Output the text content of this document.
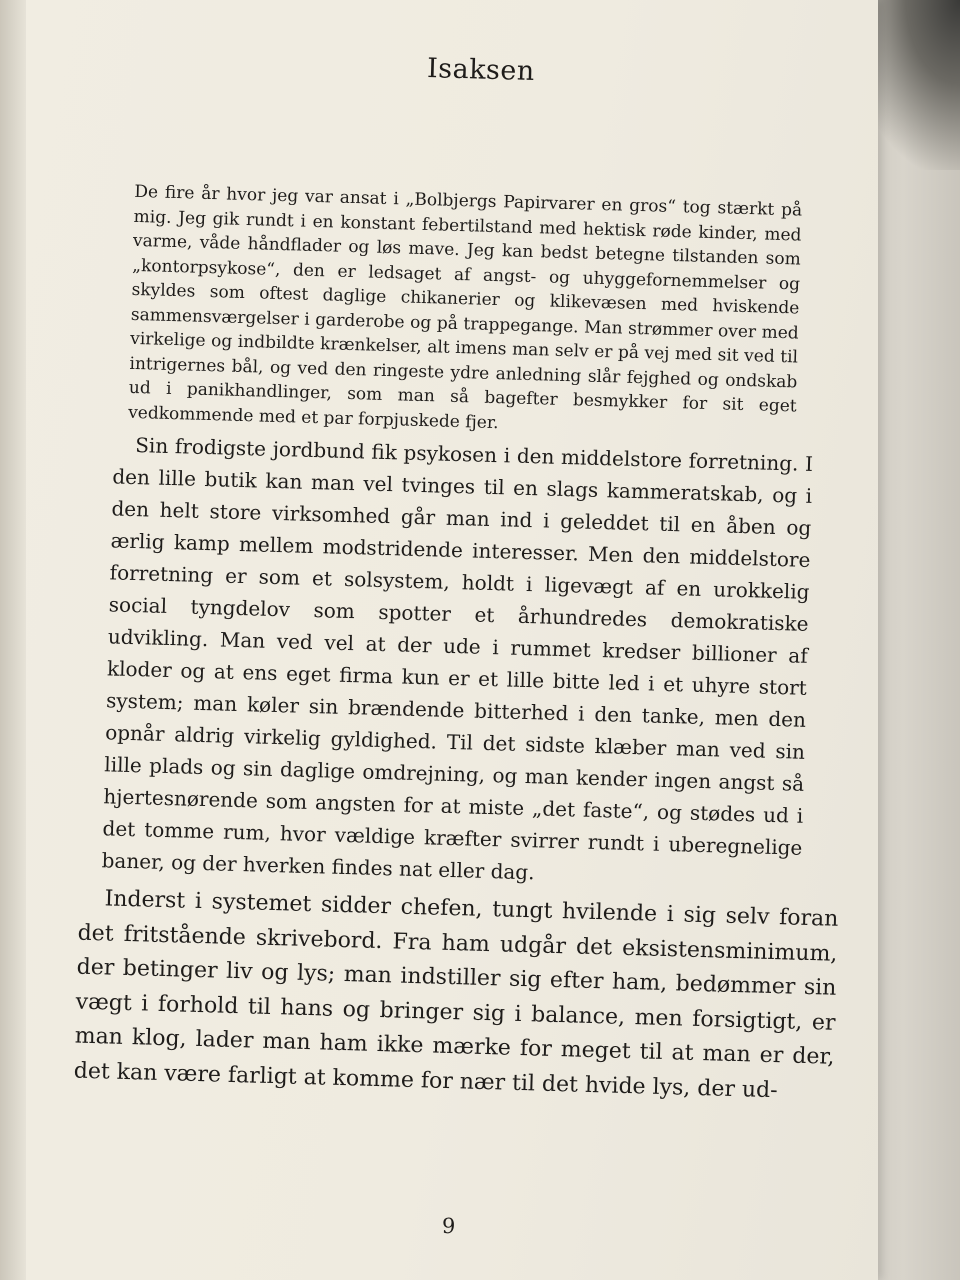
Isaksen

De fire år hvor jeg var ansat i „Bolbjergs Papirvarer en gros“ tog stærkt på mig. Jeg gik rundt i en konstant febertilstand med hektisk røde kinder, med varme, våde håndflader og løs mave. Jeg kan bedst betegne tilstanden som „kontorpsykose“, den er ledsaget af angst- og uhyggefornemmelser og skyldes som oftest daglige chikanerier og klikevæsen med hviskende sammensværgelser i garderobe og på trappegange. Man strømmer over med virkelige og indbildte krænkelser, alt imens man selv er på vej med sit ved til intrigernes bål, og ved den ringeste ydre anledning slår fejghed og ondskab ud i panikhandlinger, som man så bagefter besmykker for sit eget vedkommende med et par forpjuskede fjer.

Sin frodigste jordbund fik psykosen i den middelstore forretning. I den lille butik kan man vel tvinges til en slags kammeratskab, og i den helt store virksomhed går man ind i geleddet til en åben og ærlig kamp mellem modstridende interesser. Men den middelstore forretning er som et solsystem, holdt i ligevægt af en urokkelig social tyngdelov som spotter et århundredes demokratiske udvikling. Man ved vel at der ude i rummet kredser billioner af kloder og at ens eget firma kun er et lille bitte led i et uhyre stort system; man køler sin brændende bitterhed i den tanke, men den opnår aldrig virkelig gyldighed. Til det sidste klæber man ved sin lille plads og sin daglige omdrejning, og man kender ingen angst så hjertesnørende som angsten for at miste „det faste“, og stødes ud i det tomme rum, hvor vældige kræfter svirrer rundt i uberegnelige baner, og der hverken findes nat eller dag.

Inderst i systemet sidder chefen, tungt hvilende i sig selv foran det fritstående skrivebord. Fra ham udgår det eksistensminimum, der betinger liv og lys; man indstiller sig efter ham, bedømmer sin vægt i forhold til hans og bringer sig i balance, men forsigtigt, er man klog, lader man ham ikke mærke for meget til at man er der, det kan være farligt at komme for nær til det hvide lys, der ud-

9
